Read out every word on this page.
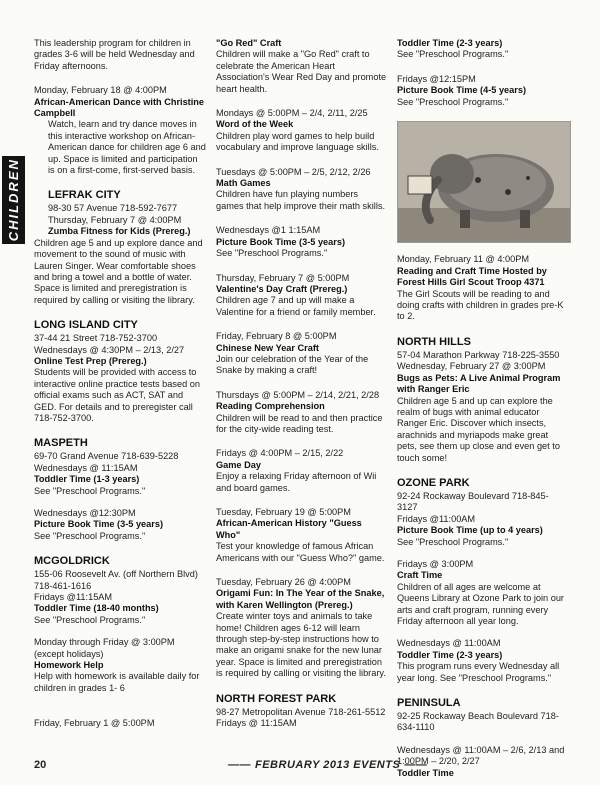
CHILDREN

This leadership program for children in grades 3-6 will be held Wednesday and Friday afternoons.

Monday, February 18 @ 4:00PM
African-American Dance with Christine Campbell
Watch, learn and try dance moves in this interactive workshop on African-American dance for children age 6 and up. Space is limited and participation is on a first-come, first-served basis.
LEFRAK CITY
98-30 57 Avenue 718-592-7677
Thursday, February 7 @ 4:00PM
Zumba Fitness for Kids (Prereg.)
Children age 5 and up explore dance and movement to the sound of music with Lauren Singer. Wear comfortable shoes and bring a towel and a bottle of water. Space is limited and preregistration is required by calling or visiting the library.
LONG ISLAND CITY
37-44 21 Street 718-752-3700
Wednesdays @ 4:30PM – 2/13, 2/27
Online Test Prep (Prereg.)
Students will be provided with access to interactive online practice tests based on official exams such as ACT, SAT and GED. For details and to preregister call 718-752-3700.
MASPETH
69-70 Grand Avenue 718-639-5228
Wednesdays @ 11:15AM
Toddler Time (1-3 years)
See "Preschool Programs."
Wednesdays @12:30PM
Picture Book Time (3-5 years)
See "Preschool Programs."
MCGOLDRICK
155-06 Roosevelt Av. (off Northern Blvd) 718-461-1616
Fridays @11:15AM
Toddler Time (18-40 months)
See "Preschool Programs."
Monday through Friday @ 3:00PM (except holidays)
Homework Help
Help with homework is available daily for children in grades 1- 6
Friday, February 1 @ 5:00PM
"Go Red" Craft
Children will make a "Go Red" craft to celebrate the American Heart Association's Wear Red Day and promote heart health.
Mondays @ 5:00PM – 2/4, 2/11, 2/25
Word of the Week
Children play word games to help build vocabulary and improve language skills.
Tuesdays @ 5:00PM – 2/5, 2/12, 2/26
Math Games
Children have fun playing numbers games that help improve their math skills.
Wednesdays @1 1:15AM
Picture Book Time (3-5 years)
See "Preschool Programs."
Thursday, February 7 @ 5:00PM
Valentine's Day Craft (Prereg.)
Children age 7 and up will make a Valentine for a friend or family member.
Friday, February 8 @ 5:00PM
Chinese New Year Craft
Join our celebration of the Year of the Snake by making a craft!
Thursdays @ 5:00PM – 2/14, 2/21, 2/28
Reading Comprehension
Children will be read to and then practice for the city-wide reading test.
Fridays @ 4:00PM – 2/15, 2/22
Game Day
Enjoy a relaxing Friday afternoon of Wii and board games.
Tuesday, February 19 @ 5:00PM
African-American History "Guess Who"
Test your knowledge of famous African Americans with our "Guess Who?" game.
Tuesday, February 26 @ 4:00PM
Origami Fun: In The Year of the Snake, with Karen Wellington (Prereg.)
Create winter toys and animals to take home! Children ages 6-12 will learn through step-by-step instructions how to make an origami snake for the new lunar year. Space is limited and preregistration is required by calling or visiting the library.
NORTH FOREST PARK
98-27 Metropolitan Avenue 718-261-5512
Fridays @ 11:15AM
Toddler Time (2-3 years)
See "Preschool Programs."
Fridays @12:15PM
Picture Book Time (4-5 years)
See "Preschool Programs."
Monday, February 11 @ 4:00PM
Reading and Craft Time Hosted by Forest Hills Girl Scout Troop 4371
The Girl Scouts will be reading to and doing crafts with children in grades pre-K to 2.
NORTH HILLS
57-04 Marathon Parkway 718-225-3550
Wednesday, February 27 @ 3:00PM
Bugs as Pets: A Live Animal Program with Ranger Eric
Children age 5 and up can explore the realm of bugs with animal educator Ranger Eric. Discover which insects, arachnids and myriapods make great pets, see them up close and even get to touch some!
OZONE PARK
92-24 Rockaway Boulevard 718-845-3127
Fridays @11:00AM
Picture Book Time (up to 4 years)
See "Preschool Programs."
Fridays @ 3:00PM
Craft Time
Children of all ages are welcome at Queens Library at Ozone Park to join our arts and craft program, running every Friday afternoon all year long.
Wednesdays @ 11:00AM
Toddler Time (2-3 years)
This program runs every Wednesday all year long. See "Preschool Programs."
PENINSULA
92-25 Rockaway Beach Boulevard 718-634-1110
Wednesdays @ 11:00AM – 2/6, 2/13 and 1:00PM – 2/20, 2/27
Toddler Time
20
——	FEBRUARY 2013 EVENTS ——
